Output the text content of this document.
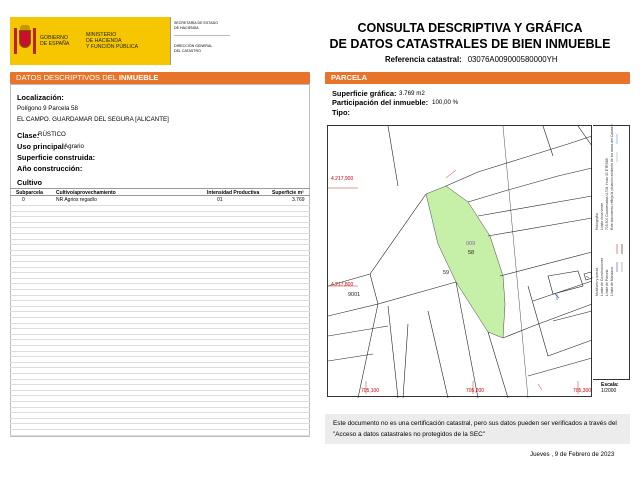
GOBIERNO
DE ESPAÑA
MINISTERIO
DE HACIENDA
Y FUNCIÓN PÚBLICA
SECRETARÍA DE ESTADO
DE HACIENDA
DIRECCIÓN GENERAL
DEL CATASTRO
CONSULTA DESCRIPTIVA Y GRÁFICA
DE DATOS CATASTRALES DE BIEN INMUEBLE
Referencia catastral: 03076A009000580000YH
DATOS DESCRIPTIVOS DEL INMUEBLE
Localización:
Polígono 9 Parcela 58
EL CAMPO. GUARDAMAR DEL SEGURA [ALICANTE]
Clase:
RÚSTICO
Uso principal:
Agrario
Superficie construida:
Año construcción:
Cultivo
Subparcela	Cultivo/aprovechamiento	Intensidad Productiva	Superficie m²
0	NR Agrios regadío	01	3.769
PARCELA
Superficie gráfica: 3.769 m2
Participación del inmueble: 100,00 %
Tipo:
4.217,900
4.217,800
705,100	705,200	705,300
009
58
59
9001
Hidrografía Límite zona verde
Mobiliario y aceras Límite de Construcciones Límite de Parcela Límite de Manzana
705.500 Coordenadas U.T.M. Huso 30 ETRS89 Este documento refleja la situación existente de los datos del Catastro
Escala:
1/2000
Este documento no es una certificación catastral, pero sus datos pueden ser verificados a través del "Acceso a datos catastrales no protegidos de la SEC"
Jueves , 9 de Febrero de 2023
